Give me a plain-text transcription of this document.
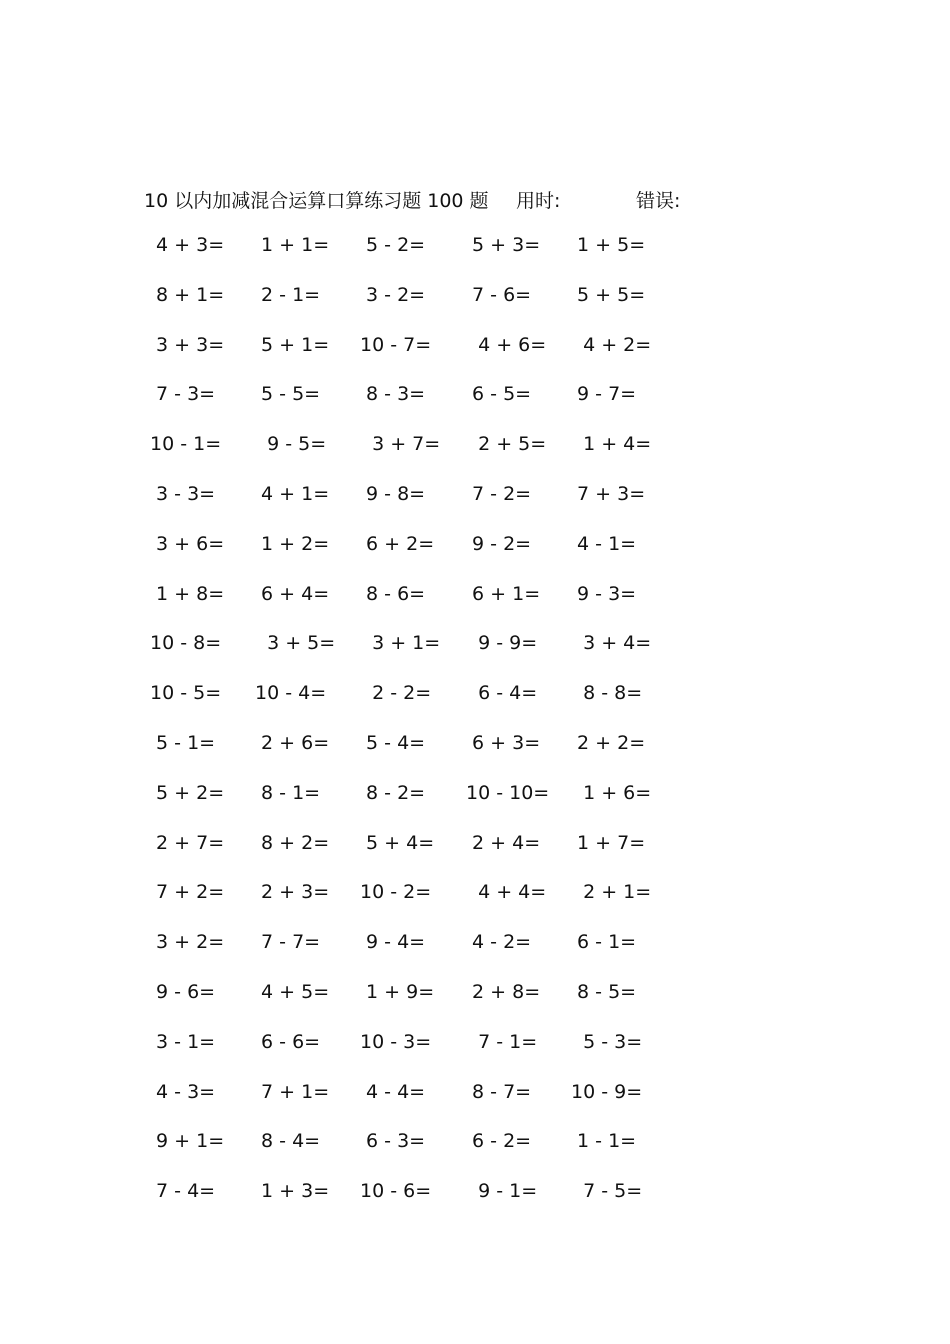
10 以内加减混合运算口算练习题 100 题 用时:	错误:
4 + 3= 1 + 1= 5 - 2= 5 + 3= 1 + 5=
8 + 1= 2 - 1= 3 - 2= 7 - 6= 5 + 5=
3 + 3= 5 + 1= 10 - 7= 4 + 6= 4 + 2=
7 - 3= 5 - 5= 8 - 3= 6 - 5= 9 - 7=
10 - 1= 9 - 5= 3 + 7= 2 + 5= 1 + 4=
3 - 3= 4 + 1= 9 - 8= 7 - 2= 7 + 3=
3 + 6= 1 + 2= 6 + 2= 9 - 2= 4 - 1=
1 + 8= 6 + 4= 8 - 6= 6 + 1= 9 - 3=
10 - 8= 3 + 5= 3 + 1= 9 - 9= 3 + 4=
10 - 5= 10 - 4= 2 - 2= 6 - 4= 8 - 8=
5 - 1= 2 + 6= 5 - 4= 6 + 3= 2 + 2=
5 + 2= 8 - 1= 8 - 2= 10 - 10= 1 + 6=
2 + 7= 8 + 2= 5 + 4= 2 + 4= 1 + 7=
7 + 2= 2 + 3= 10 - 2= 4 + 4= 2 + 1=
3 + 2= 7 - 7= 9 - 4= 4 - 2= 6 - 1=
9 - 6= 4 + 5= 1 + 9= 2 + 8= 8 - 5=
3 - 1= 6 - 6= 10 - 3= 7 - 1= 5 - 3=
4 - 3= 7 + 1= 4 - 4= 8 - 7= 10 - 9=
9 + 1= 8 - 4= 6 - 3= 6 - 2= 1 - 1=
7 - 4= 1 + 3= 10 - 6= 9 - 1= 7 - 5=
